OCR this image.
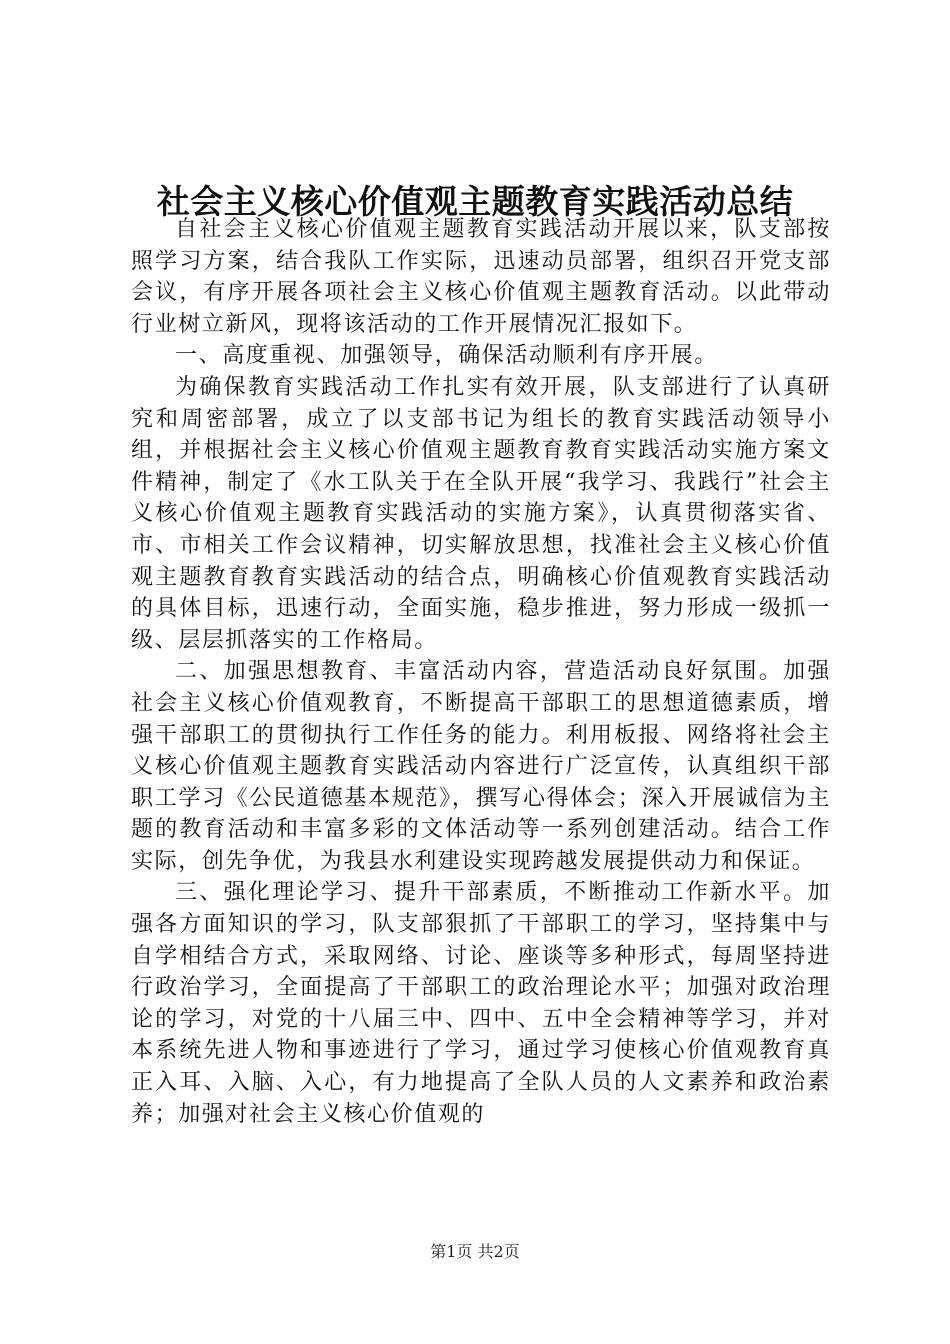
社会主义核心价值观主题教育实践活动总结

自社会主义核心价值观主题教育实践活动开展以来，队支部按照学习方案，结合我队工作实际，迅速动员部署，组织召开党支部会议，有序开展各项社会主义核心价值观主题教育活动。以此带动行业树立新风，现将该活动的工作开展情况汇报如下。

一、高度重视、加强领导，确保活动顺利有序开展。

为确保教育实践活动工作扎实有效开展，队支部进行了认真研究和周密部署，成立了以支部书记为组长的教育实践活动领导小组，并根据社会主义核心价值观主题教育教育实践活动实施方案文件精神，制定了《水工队关于在全队开展“我学习、我践行”社会主义核心价值观主题教育实践活动的实施方案》，认真贯彻落实省、市、市相关工作会议精神，切实解放思想，找准社会主义核心价值观主题教育教育实践活动的结合点，明确核心价值观教育实践活动的具体目标，迅速行动，全面实施，稳步推进，努力形成一级抓一级、层层抓落实的工作格局。

二、加强思想教育、丰富活动内容，营造活动良好氛围。加强社会主义核心价值观教育，不断提高干部职工的思想道德素质，增强干部职工的贯彻执行工作任务的能力。利用板报、网络将社会主义核心价值观主题教育实践活动内容进行广泛宣传，认真组织干部职工学习《公民道德基本规范》，撰写心得体会；深入开展诚信为主题的教育活动和丰富多彩的文体活动等一系列创建活动。结合工作实际，创先争优，为我县水利建设实现跨越发展提供动力和保证。

三、强化理论学习、提升干部素质，不断推动工作新水平。加强各方面知识的学习，队支部狠抓了干部职工的学习，坚持集中与自学相结合方式，采取网络、讨论、座谈等多种形式，每周坚持进行政治学习，全面提高了干部职工的政治理论水平；加强对政治理论的学习，对党的十八届三中、四中、五中全会精神等学习，并对本系统先进人物和事迹进行了学习，通过学习使核心价值观教育真正入耳、入脑、入心，有力地提高了全队人员的人文素养和政治素养；加强对社会主义核心价值观的

第1页 共2页
